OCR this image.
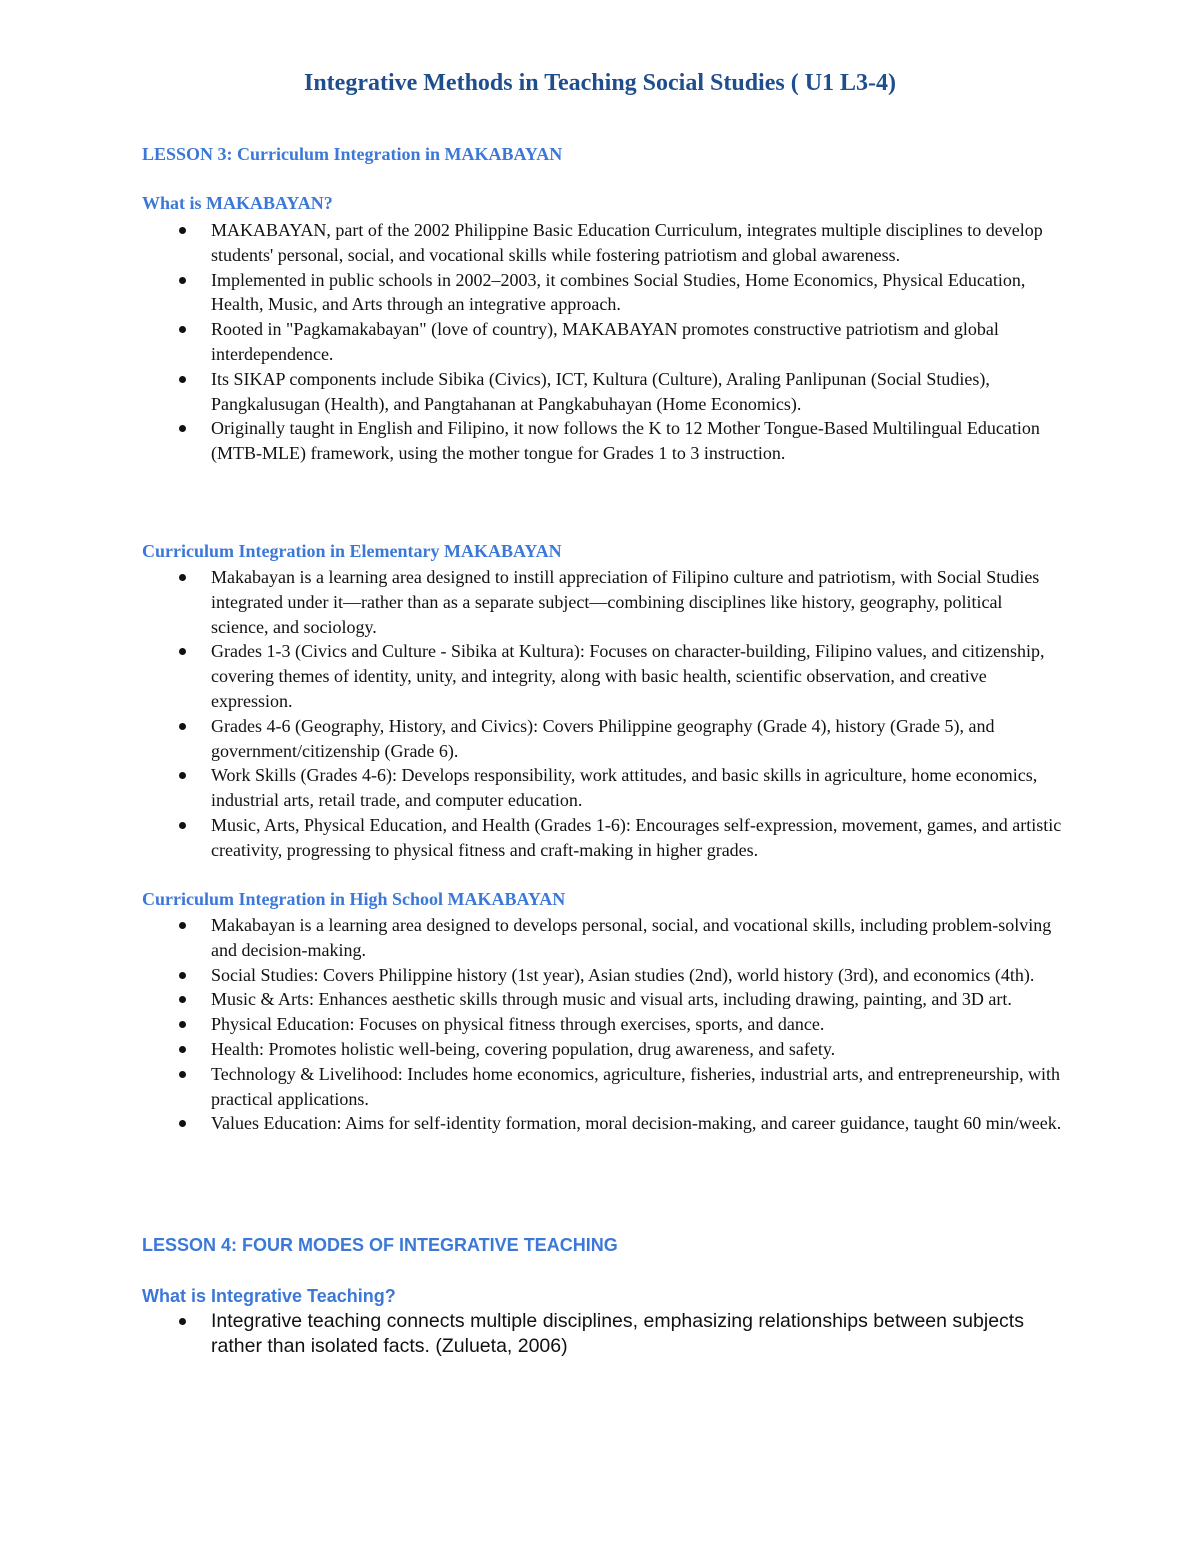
Integrative Methods in Teaching Social Studies ( U1 L3-4)
LESSON 3: Curriculum Integration in MAKABAYAN
What is MAKABAYAN?
MAKABAYAN, part of the 2002 Philippine Basic Education Curriculum, integrates multiple disciplines to develop students' personal, social, and vocational skills while fostering patriotism and global awareness.
Implemented in public schools in 2002–2003, it combines Social Studies, Home Economics, Physical Education, Health, Music, and Arts through an integrative approach.
Rooted in "Pagkamakabayan" (love of country), MAKABAYAN promotes constructive patriotism and global interdependence.
Its SIKAP components include Sibika (Civics), ICT, Kultura (Culture), Araling Panlipunan (Social Studies), Pangkalusugan (Health), and Pangtahanan at Pangkabuhayan (Home Economics).
Originally taught in English and Filipino, it now follows the K to 12 Mother Tongue-Based Multilingual Education (MTB-MLE) framework, using the mother tongue for Grades 1 to 3 instruction.
Curriculum Integration in Elementary MAKABAYAN
Makabayan is a learning area designed to instill appreciation of Filipino culture and patriotism, with Social Studies integrated under it—rather than as a separate subject—combining disciplines like history, geography, political science, and sociology.
Grades 1-3 (Civics and Culture - Sibika at Kultura): Focuses on character-building, Filipino values, and citizenship, covering themes of identity, unity, and integrity, along with basic health, scientific observation, and creative expression.
Grades 4-6 (Geography, History, and Civics): Covers Philippine geography (Grade 4), history (Grade 5), and government/citizenship (Grade 6).
Work Skills (Grades 4-6): Develops responsibility, work attitudes, and basic skills in agriculture, home economics, industrial arts, retail trade, and computer education.
Music, Arts, Physical Education, and Health (Grades 1-6): Encourages self-expression, movement, games, and artistic creativity, progressing to physical fitness and craft-making in higher grades.
Curriculum Integration in High School MAKABAYAN
Makabayan is a learning area designed to develops personal, social, and vocational skills, including problem-solving and decision-making.
Social Studies: Covers Philippine history (1st year), Asian studies (2nd), world history (3rd), and economics (4th).
Music & Arts: Enhances aesthetic skills through music and visual arts, including drawing, painting, and 3D art.
Physical Education: Focuses on physical fitness through exercises, sports, and dance.
Health: Promotes holistic well-being, covering population, drug awareness, and safety.
Technology & Livelihood: Includes home economics, agriculture, fisheries, industrial arts, and entrepreneurship, with practical applications.
Values Education: Aims for self-identity formation, moral decision-making, and career guidance, taught 60 min/week.
LESSON 4: FOUR MODES OF INTEGRATIVE TEACHING
What is Integrative Teaching?
Integrative teaching connects multiple disciplines, emphasizing relationships between subjects rather than isolated facts. (Zulueta, 2006)
